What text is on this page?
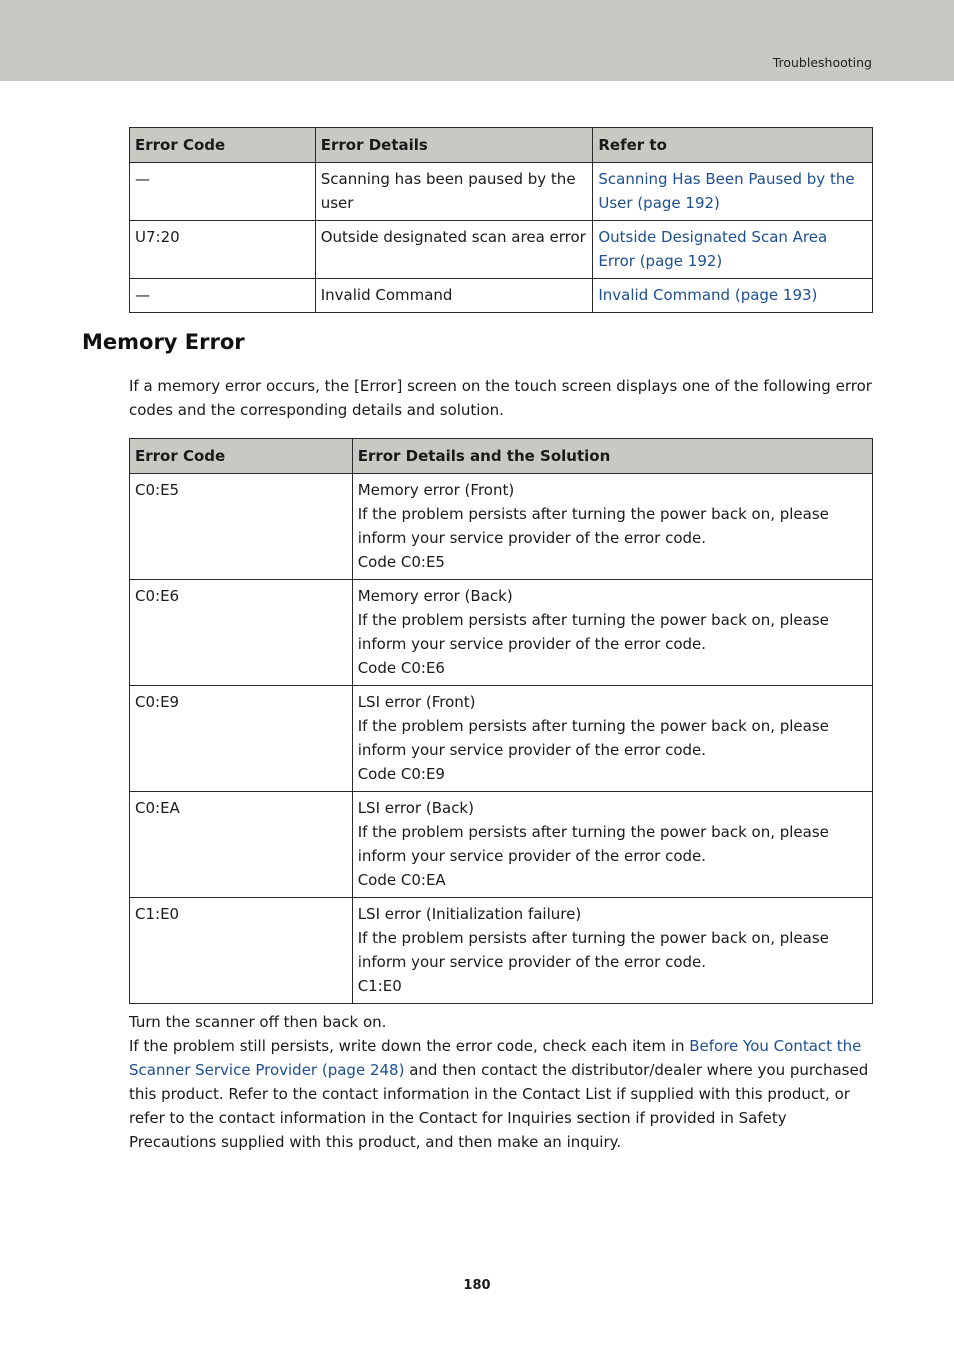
Troubleshooting
Error Code	Error Details	Refer to
—	Scanning has been paused by the user	Scanning Has Been Paused by the User (page 192)
U7:20	Outside designated scan area error	Outside Designated Scan Area Error (page 192)
—	Invalid Command	Invalid Command (page 193)
Memory Error

If a memory error occurs, the [Error] screen on the touch screen displays one of the following error codes and the corresponding details and solution.

Error Code	Error Details and the Solution
C0:E5	Memory error (Front)
If the problem persists after turning the power back on, please inform your service provider of the error code.
Code C0:E5

C0:E6	Memory error (Back)
If the problem persists after turning the power back on, please inform your service provider of the error code.
Code C0:E6

C0:E9	LSI error (Front)
If the problem persists after turning the power back on, please inform your service provider of the error code.
Code C0:E9

C0:EA	LSI error (Back)
If the problem persists after turning the power back on, please inform your service provider of the error code.
Code C0:EA

C1:E0	LSI error (Initialization failure)
If the problem persists after turning the power back on, please inform your service provider of the error code.
C1:E0
Turn the scanner off then back on.
If the problem still persists, write down the error code, check each item in Before You Contact the Scanner Service Provider (page 248) and then contact the distributor/dealer where you purchased this product. Refer to the contact information in the Contact List if supplied with this product, or refer to the contact information in the Contact for Inquiries section if provided in Safety Precautions supplied with this product, and then make an inquiry.
180
